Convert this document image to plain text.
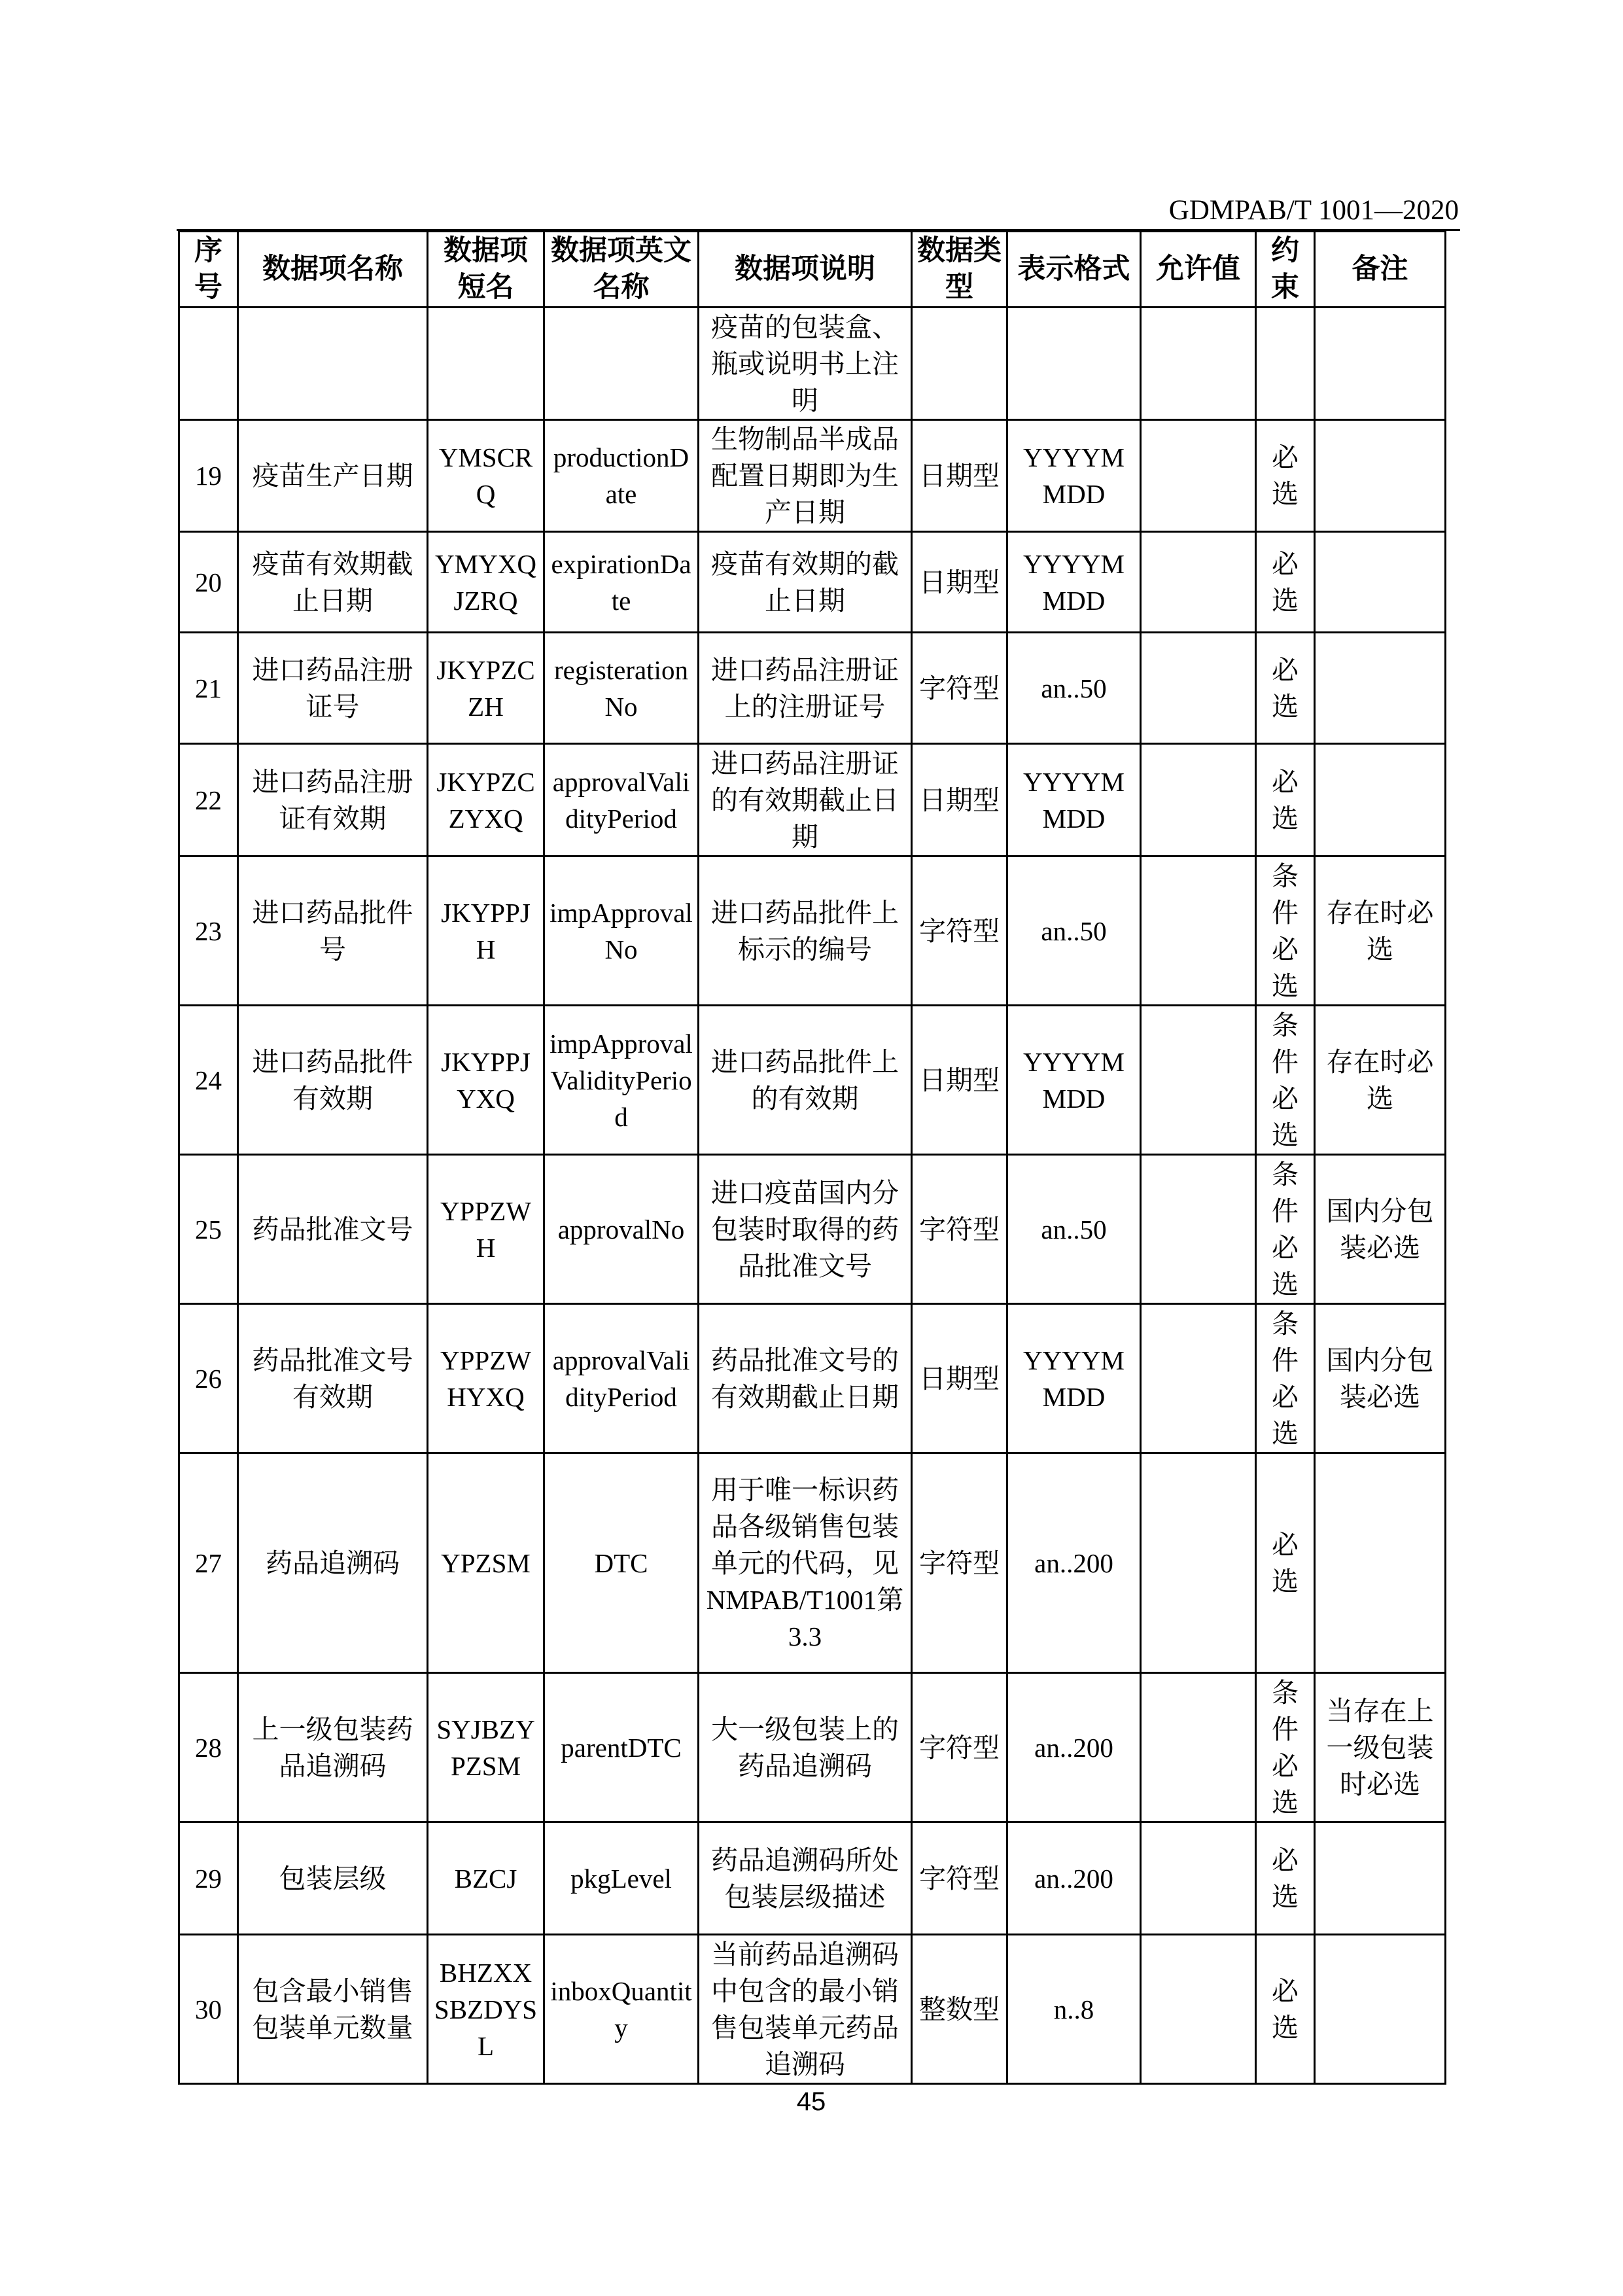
GDMPAB/T 1001—2020
序号	数据项名称	数据项短名	数据项英文名称	数据项说明	数据类型	表示格式	允许值	约束	备注
				疫苗的包装盒、瓶或说明书上注明					
19	疫苗生产日期	YMSCRQ	productionDate	生物制品半成品配置日期即为生产日期	日期型	YYYYMMDD		必选	
20	疫苗有效期截止日期	YMYXQJZRQ	expirationDate	疫苗有效期的截止日期	日期型	YYYYMMDD		必选	
21	进口药品注册证号	JKYPZCZH	registerationNo	进口药品注册证上的注册证号	字符型	an..50		必选	
22	进口药品注册证有效期	JKYPZCZYXQ	approvalValidityPeriod	进口药品注册证的有效期截止日期	日期型	YYYYMMDD		必选	
23	进口药品批件号	JKYPPJH	impApprovalNo	进口药品批件上标示的编号	字符型	an..50		条件必选	存在时必选
24	进口药品批件有效期	JKYPPJYXQ	impApprovalValidityPeriod	进口药品批件上的有效期	日期型	YYYYMMDD		条件必选	存在时必选
25	药品批准文号	YPPZWH	approvalNo	进口疫苗国内分包装时取得的药品批准文号	字符型	an..50		条件必选	国内分包装必选
26	药品批准文号有效期	YPPZWHYXQ	approvalValidityPeriod	药品批准文号的有效期截止日期	日期型	YYYYMMDD		条件必选	国内分包装必选
27	药品追溯码	YPZSM	DTC	用于唯一标识药品各级销售包装单元的代码，见NMPAB/T1001第3.3	字符型	an..200		必选	
28	上一级包装药品追溯码	SYJBZYPZSM	parentDTC	大一级包装上的药品追溯码	字符型	an..200		条件必选	当存在上一级包装时必选
29	包装层级	BZCJ	pkgLevel	药品追溯码所处包装层级描述	字符型	an..200		必选	
30	包含最小销售包装单元数量	BHZXXSBZDYSL	inboxQuantity	当前药品追溯码中包含的最小销售包装单元药品追溯码	整数型	n..8		必选	
45
